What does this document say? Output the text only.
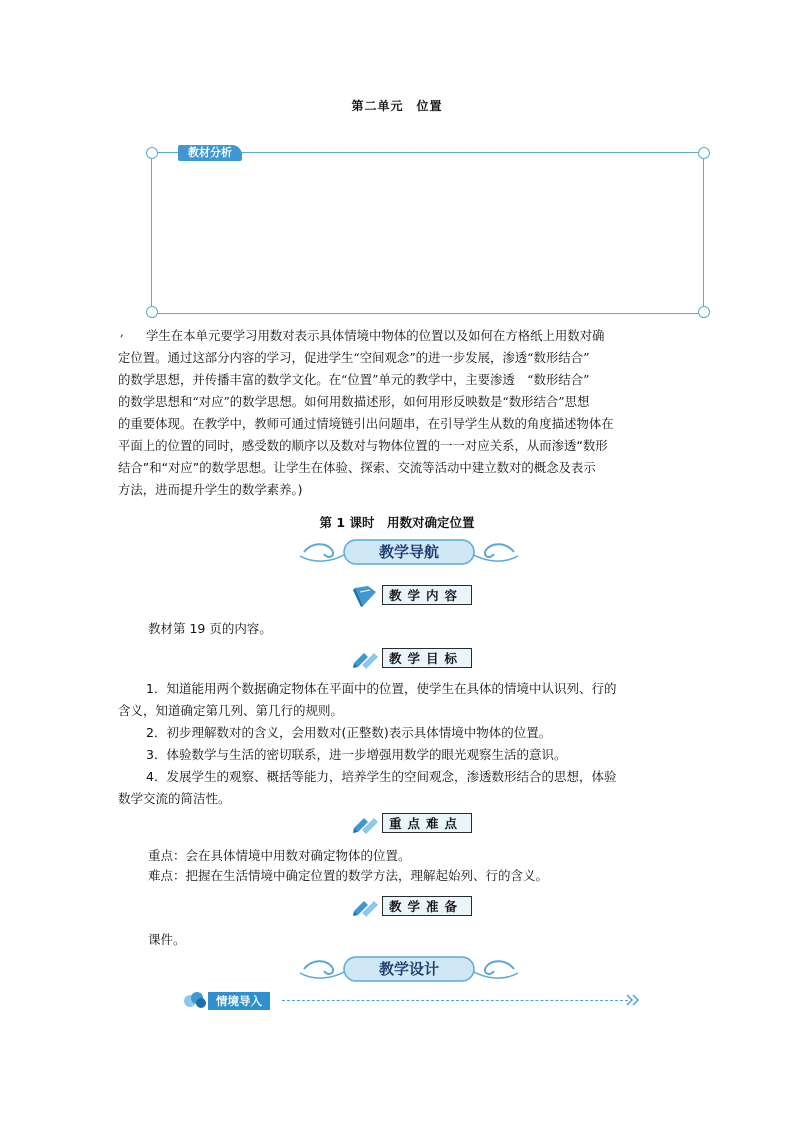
第二单元　位置
教材分析
,	学生在本单元要学习用数对表示具体情境中物体的位置以及如何在方格纸上用数对确
定位置。通过这部分内容的学习，促进学生“空间观念”的进一步发展，渗透“数形结合”
的数学思想，并传播丰富的数学文化。在“位置”单元的教学中，主要渗透　“数形结合”
的数学思想和“对应”的数学思想。如何用数描述形，如何用形反映数是“数形结合”思想
的重要体现。在教学中，教师可通过情境链引出问题串，在引导学生从数的角度描述物体在
平面上的位置的同时，感受数的顺序以及数对与物体位置的一一对应关系，从而渗透“数形
结合”和“对应”的数学思想。让学生在体验、探索、交流等活动中建立数对的概念及表示
方法，进而提升学生的数学素养。)
第 1 课时　用数对确定位置
教学导航
教学内容
教材第 19 页的内容。
教学目标
1．知道能用两个数据确定物体在平面中的位置，使学生在具体的情境中认识列、行的
含义，知道确定第几列、第几行的规则。
2．初步理解数对的含义，会用数对(正整数)表示具体情境中物体的位置。
3．体验数学与生活的密切联系，进一步增强用数学的眼光观察生活的意识。
4．发展学生的观察、概括等能力，培养学生的空间观念，渗透数形结合的思想，体验
数学交流的简洁性。
重点难点
重点：会在具体情境中用数对确定物体的位置。
难点：把握在生活情境中确定位置的数学方法，理解起始列、行的含义。
教学准备
课件。
教学设计
情境导入
